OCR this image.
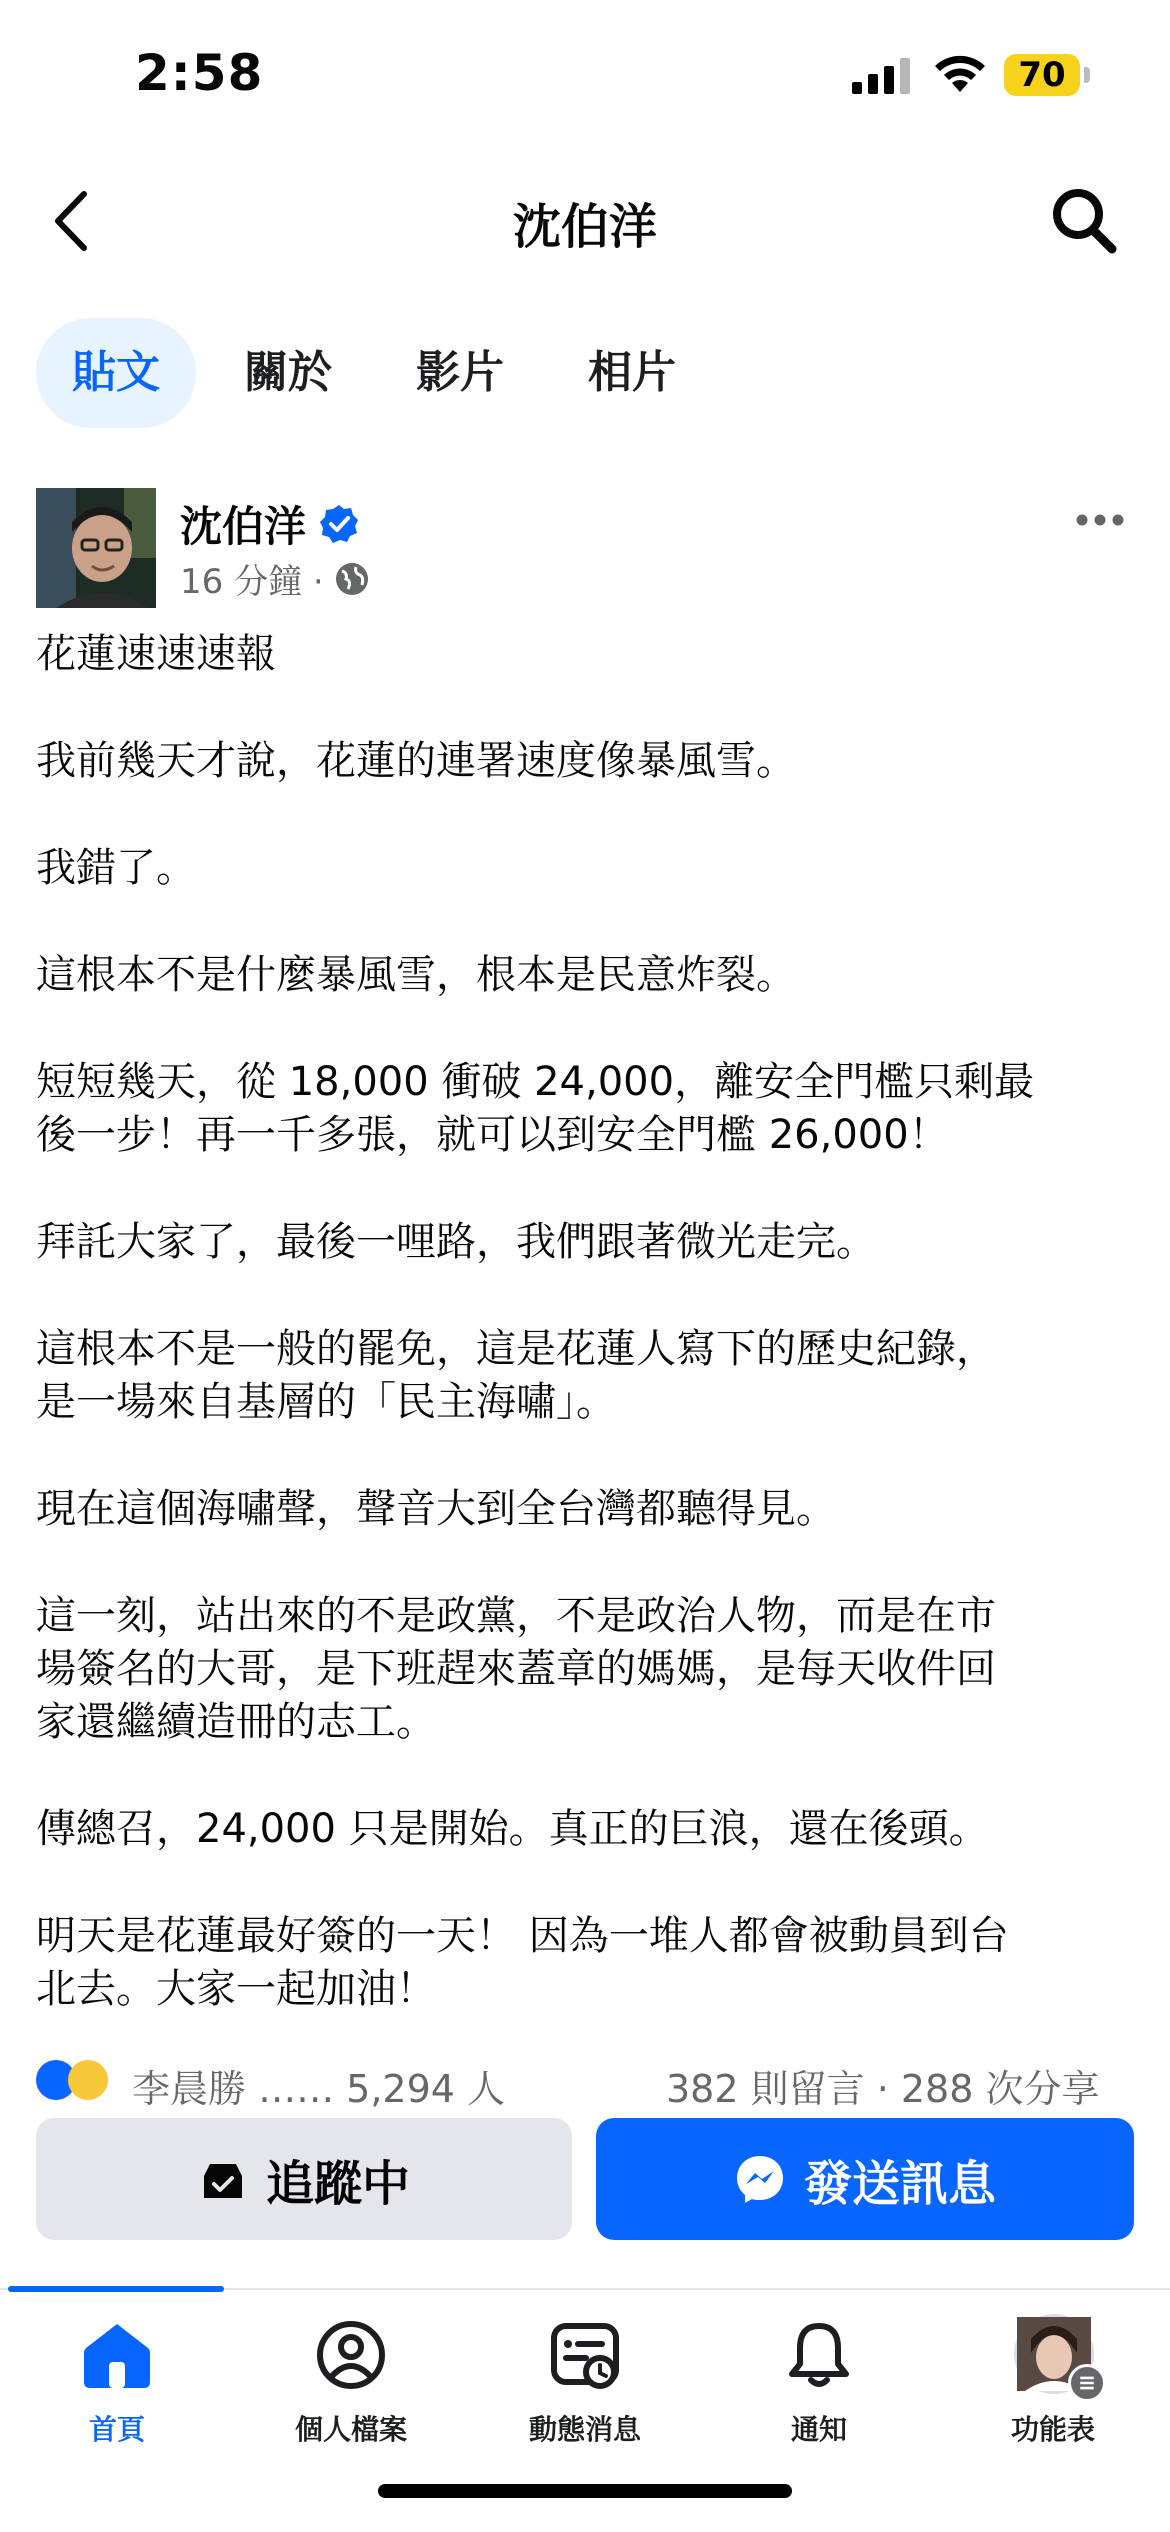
2:58	70
沈伯洋
貼文	關於	影片	相片
沈伯洋
16 分鐘 ·

花蓮速速速報

我前幾天才說，花蓮的連署速度像暴風雪。

我錯了。

這根本不是什麼暴風雪，根本是民意炸裂。

短短幾天，從 18,000 衝破 24,000，離安全門檻只剩最
後一步！再一千多張，就可以到安全門檻 26,000！

拜託大家了，最後一哩路，我們跟著微光走完。

這根本不是一般的罷免，這是花蓮人寫下的歷史紀錄，
是一場來自基層的「民主海嘯」。

現在這個海嘯聲，聲音大到全台灣都聽得見。

這一刻，站出來的不是政黨，不是政治人物，而是在市
場簽名的大哥，是下班趕來蓋章的媽媽，是每天收件回
家還繼續造冊的志工。

傳總召，24,000 只是開始。真正的巨浪，還在後頭。

明天是花蓮最好簽的一天！ 因為一堆人都會被動員到台
北去。大家一起加油！

李晨勝 …… 5,294 人	382 則留言 · 288 次分享
追蹤中	發送訊息
首頁	個人檔案	動態消息	通知	功能表
